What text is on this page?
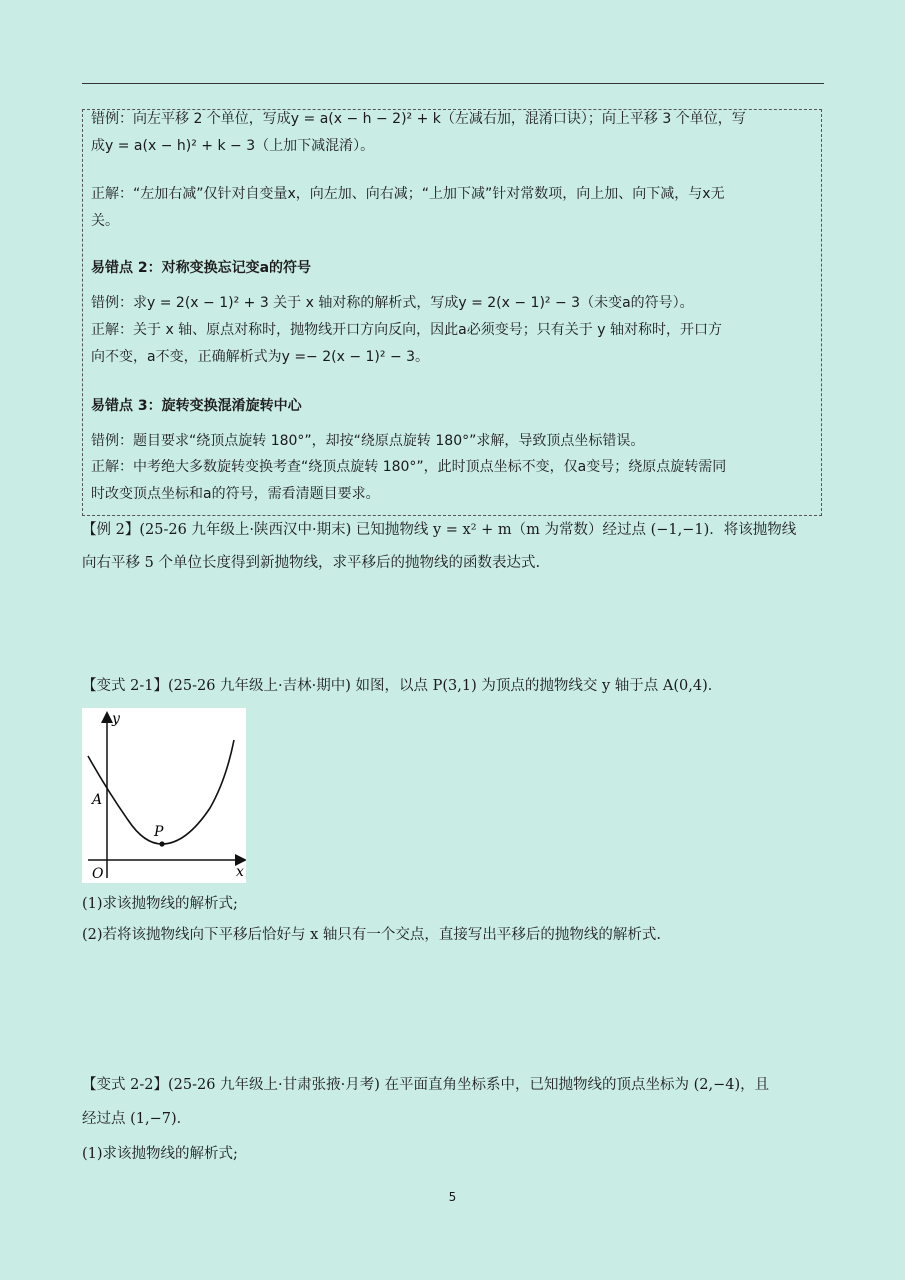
错例：向左平移 2 个单位，写成y = a(x − h − 2)² + k（左减右加，混淆口诀）；向上平移 3 个单位，写
成y = a(x − h)² + k − 3（上加下减混淆）。
正解：“左加右减”仅针对自变量x，向左加、向右减；“上加下减”针对常数项，向上加、向下减，与x无
关。
易错点 2：对称变换忘记变a的符号
错例：求y = 2(x − 1)² + 3 关于 x 轴对称的解析式，写成y = 2(x − 1)² − 3（未变a的符号）。
正解：关于 x 轴、原点对称时，抛物线开口方向反向，因此a必须变号；只有关于 y 轴对称时，开口方
向不变，a不变，正确解析式为y =− 2(x − 1)² − 3。
易错点 3：旋转变换混淆旋转中心
错例：题目要求“绕顶点旋转 180°”，却按“绕原点旋转 180°”求解，导致顶点坐标错误。
正解：中考绝大多数旋转变换考查“绕顶点旋转 180°”，此时顶点坐标不变，仅a变号；绕原点旋转需同
时改变顶点坐标和a的符号，需看清题目要求。
【例 2】(25-26 九年级上·陕西汉中·期末) 已知抛物线 y = x² + m（m 为常数）经过点 (−1,−1)．将该抛物线
向右平移 5 个单位长度得到新抛物线，求平移后的抛物线的函数表达式.
【变式 2-1】(25-26 九年级上·吉林·期中) 如图，以点 P(3,1) 为顶点的抛物线交 y 轴于点 A(0,4)．
y
x
O
A
P
(1)求该抛物线的解析式;
(2)若将该抛物线向下平移后恰好与 x 轴只有一个交点，直接写出平移后的抛物线的解析式.
【变式 2-2】(25-26 九年级上·甘肃张掖·月考) 在平面直角坐标系中，已知抛物线的顶点坐标为 (2,−4)，且
经过点 (1,−7)．
(1)求该抛物线的解析式;
5
